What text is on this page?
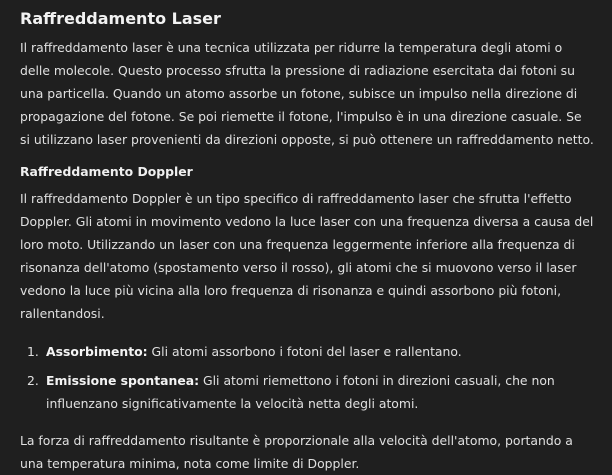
Raffreddamento Laser

Il raffreddamento laser è una tecnica utilizzata per ridurre la temperatura degli atomi o delle molecole. Questo processo sfrutta la pressione di radiazione esercitata dai fotoni su una particella. Quando un atomo assorbe un fotone, subisce un impulso nella direzione di propagazione del fotone. Se poi riemette il fotone, l'impulso è in una direzione casuale. Se si utilizzano laser provenienti da direzioni opposte, si può ottenere un raffreddamento netto.

Raffreddamento Doppler

Il raffreddamento Doppler è un tipo specifico di raffreddamento laser che sfrutta l'effetto Doppler. Gli atomi in movimento vedono la luce laser con una frequenza diversa a causa del loro moto. Utilizzando un laser con una frequenza leggermente inferiore alla frequenza di risonanza dell'atomo (spostamento verso il rosso), gli atomi che si muovono verso il laser vedono la luce più vicina alla loro frequenza di risonanza e quindi assorbono più fotoni, rallentandosi.

1. Assorbimento: Gli atomi assorbono i fotoni del laser e rallentano.
2. Emissione spontanea: Gli atomi riemettono i fotoni in direzioni casuali, che non influenzano significativamente la velocità netta degli atomi.

La forza di raffreddamento risultante è proporzionale alla velocità dell'atomo, portando a una temperatura minima, nota come limite di Doppler.
